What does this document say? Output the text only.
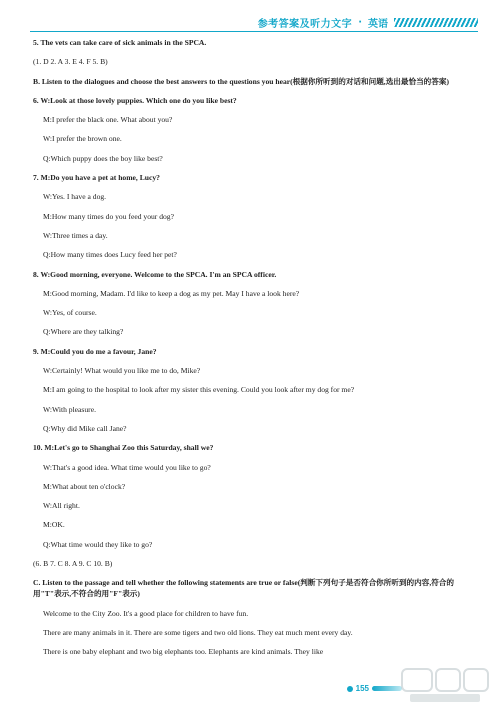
参考答案及听力文字 · 英语

5. The vets can take care of sick animals in the SPCA.

(1. D 2. A 3. E 4. F 5. B)

B. Listen to the dialogues and choose the best answers to the questions you hear(根据你所听到的对话和问题,选出最恰当的答案)

6. W:Look at those lovely puppies. Which one do you like best?

M:I prefer the black one. What about you?

W:I prefer the brown one.

Q:Which puppy does the boy like best?

7. M:Do you have a pet at home, Lucy?

W:Yes. I have a dog.

M:How many times do you feed your dog?

W:Three times a day.

Q:How many times does Lucy feed her pet?

8. W:Good morning, everyone. Welcome to the SPCA. I'm an SPCA officer.

M:Good morning, Madam. I'd like to keep a dog as my pet. May I have a look here?

W:Yes, of course.

Q:Where are they talking?

9. M:Could you do me a favour, Jane?

W:Certainly! What would you like me to do, Mike?

M:I am going to the hospital to look after my sister this evening. Could you look after my dog for me?

W:With pleasure.

Q:Why did Mike call Jane?

10. M:Let's go to Shanghai Zoo this Saturday, shall we?

W:That's a good idea. What time would you like to go?

M:What about ten o'clock?

W:All right.

M:OK.

Q:What time would they like to go?

(6. B 7. C 8. A 9. C 10. B)

C. Listen to the passage and tell whether the following statements are true or false(判断下列句子是否符合你所听到的内容,符合的用"T"表示,不符合的用"F"表示)

Welcome to the City Zoo. It's a good place for children to have fun.

There are many animals in it. There are some tigers and two old lions. They eat much ment every day.

There is one baby elephant and two big elephants too. Elephants are kind animals. They like

155
